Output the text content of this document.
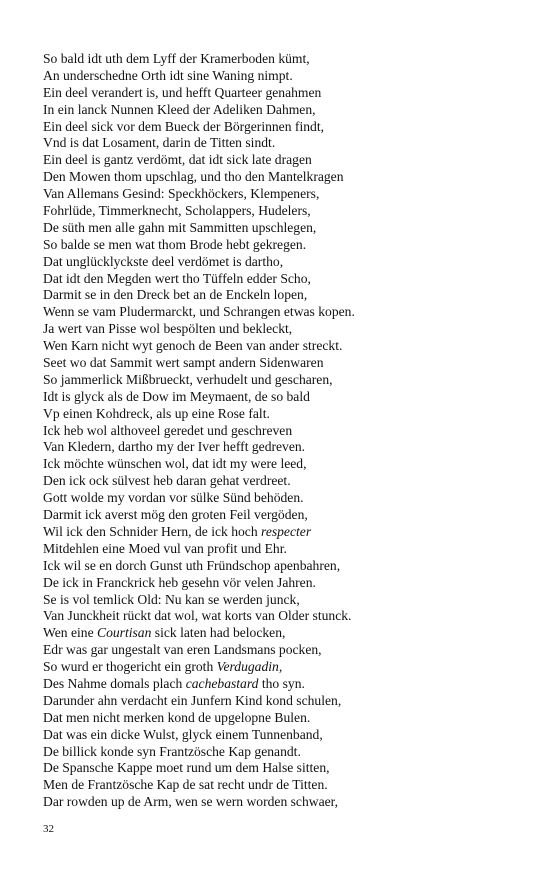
So bald idt uth dem Lyff der Kramerboden kümt,
An underschedne Orth idt sine Waning nimpt.
Ein deel verandert is, und hefft Quarteer genahmen
In ein lanck Nunnen Kleed der Adeliken Dahmen,
Ein deel sick vor dem Bueck der Börgerinnen findt,
Vnd is dat Losament, darin de Titten sindt.
Ein deel is gantz verdömt, dat idt sick late dragen
Den Mowen thom upschlag, und tho den Mantelkragen
Van Allemans Gesind: Speckhöckers, Klempeners,
Fohrlüde, Timmerknecht, Scholappers, Hudelers,
De süth men alle gahn mit Sammitten upschlegen,
So balde se men wat thom Brode hebt gekregen.
Dat unglücklyckste deel verdömet is dartho,
Dat idt den Megden wert tho Tüffeln edder Scho,
Darmit se in den Dreck bet an de Enckeln lopen,
Wenn se vam Pludermarckt, und Schrangen etwas kopen.
Ja wert van Pisse wol bespölten und bekleckt,
Wen Karn nicht wyt genoch de Been van ander streckt.
Seet wo dat Sammit wert sampt andern Sidenwaren
So jammerlick Mißbrueckt, verhudelt und gescharen,
Idt is glyck als de Dow im Meymaent, de so bald
Vp einen Kohdreck, als up eine Rose falt.
Ick heb wol althoveel geredet und geschreven
Van Kledern, dartho my der Iver hefft gedreven.
Ick möchte wünschen wol, dat idt my were leed,
Den ick ock sülvest heb daran gehat verdreet.
Gott wolde my vordan vor sülke Sünd behöden.
Darmit ick averst mög den groten Feil vergöden,
Wil ick den Schnider Hern, de ick hoch respecter
Mitdehlen eine Moed vul van profit und Ehr.
Ick wil se en dorch Gunst uth Fründschop apenbahren,
De ick in Franckrick heb gesehn vör velen Jahren.
Se is vol temlick Old: Nu kan se werden junck,
Van Junckheit rückt dat wol, wat korts van Older stunck.
Wen eine Courtisan sick laten had belocken,
Edr was gar ungestalt van eren Landsmans pocken,
So wurd er thogericht ein groth Verdugadin,
Des Nahme domals plach cachebastard tho syn.
Darunder ahn verdacht ein Junfern Kind kond schulen,
Dat men nicht merken kond de upgelopne Bulen.
Dat was ein dicke Wulst, glyck einem Tunnenband,
De billick konde syn Frantzösche Kap genandt.
De Spansche Kappe moet rund um dem Halse sitten,
Men de Frantzösche Kap de sat recht undr de Titten.
Dar rowden up de Arm, wen se wern worden schwaer,
32
